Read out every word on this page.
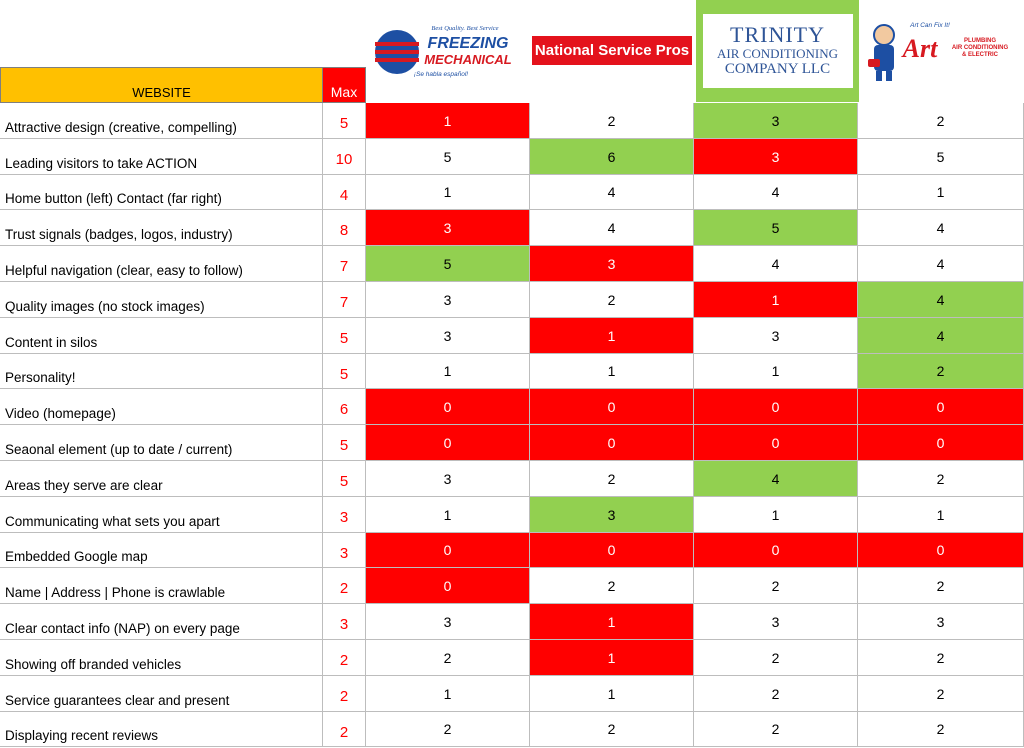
Best Quality. Best Service
FREEZING
MECHANICAL
¡Se habla español!
National Service Pros
TRINITY
AIR CONDITIONING
COMPANY LLC
Art Can Fix It!
Art	PLUMBING
AIR CONDITIONING
& ELECTRIC
WEBSITE	Max
Attractive design (creative, compelling)	5	1	2	3	2
Leading visitors to take ACTION	10	5	6	3	5
Home button (left) Contact (far right)	4	1	4	4	1
Trust signals (badges, logos, industry)	8	3	4	5	4
Helpful navigation (clear, easy to follow)	7	5	3	4	4
Quality images (no stock images)	7	3	2	1	4
Content in silos	5	3	1	3	4
Personality!	5	1	1	1	2
Video (homepage)	6	0	0	0	0
Seaonal element (up to date / current)	5	0	0	0	0
Areas they serve are clear	5	3	2	4	2
Communicating what sets you apart	3	1	3	1	1
Embedded Google map	3	0	0	0	0
Name | Address | Phone is crawlable	2	0	2	2	2
Clear contact info (NAP) on every page	3	3	1	3	3
Showing off branded vehicles	2	2	1	2	2
Service guarantees clear and present	2	1	1	2	2
Displaying recent reviews	2	2	2	2	2
